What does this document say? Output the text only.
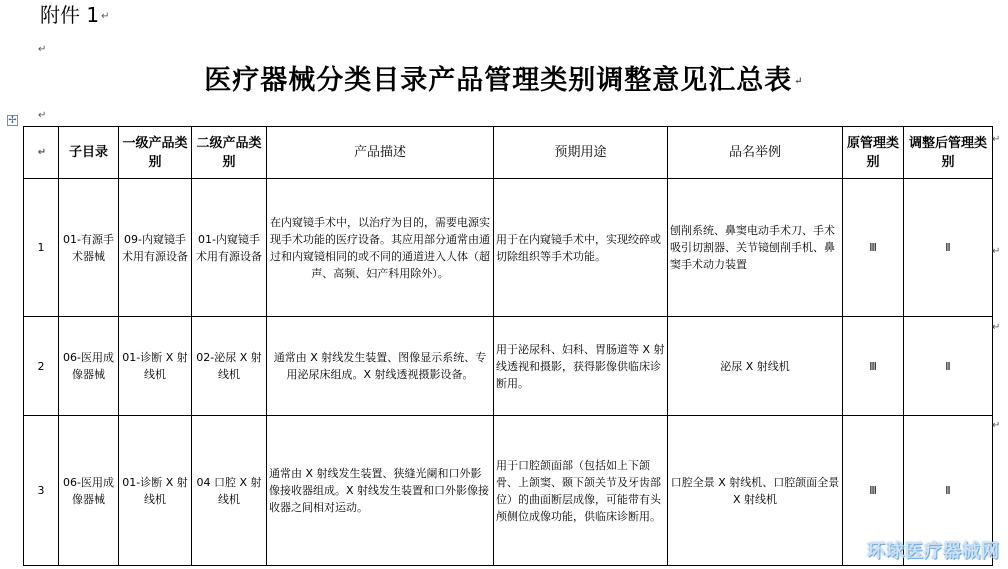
附件 1 ↵
↵
医疗器械分类目录产品管理类别调整意见汇总表 ↵
↵
✢
↵	子目录	一级产品类别	二级产品类别	产品描述	预期用途	品名举例	原管理类别	调整后管理类别
1	01-有源手术器械	09-内窥镜手术用有源设备	01-内窥镜手术用有源设备	在内窥镜手术中，以治疗为目的，需要电源实现手术功能的医疗设备。其应用部分通常由通过和内窥镜相同的或不同的通道进入人体（超声、高频、妇产科用除外）。	用于在内窥镜手术中，实现绞碎或切除组织等手术功能。	刨削系统、鼻窦电动手术刀、手术吸引切割器、关节镜刨削手机、鼻窦手术动力装置	Ⅲ	Ⅱ
2	06-医用成像器械	01-诊断 X 射线机	02-泌尿 X 射线机	通常由 X 射线发生装置、图像显示系统、专用泌尿床组成。X 射线透视摄影设备。	用于泌尿科、妇科、胃肠道等 X 射线透视和摄影，获得影像供临床诊断用。	泌尿 X 射线机	Ⅲ	Ⅱ
3	06-医用成像器械	01-诊断 X 射线机	04 口腔 X 射线机	通常由 X 射线发生装置、狭缝光阑和口外影像接收器组成。X 射线发生装置和口外影像接收器之间相对运动。	用于口腔颌面部（包括如上下颌骨、上颌窦、颞下颌关节及牙齿部位）的曲面断层成像，可能带有头颅侧位成像功能，供临床诊断用。	口腔全景 X 射线机、口腔颌面全景 X 射线机	Ⅲ	Ⅱ
↵
↵
↵
↵
环球医疗器械网
